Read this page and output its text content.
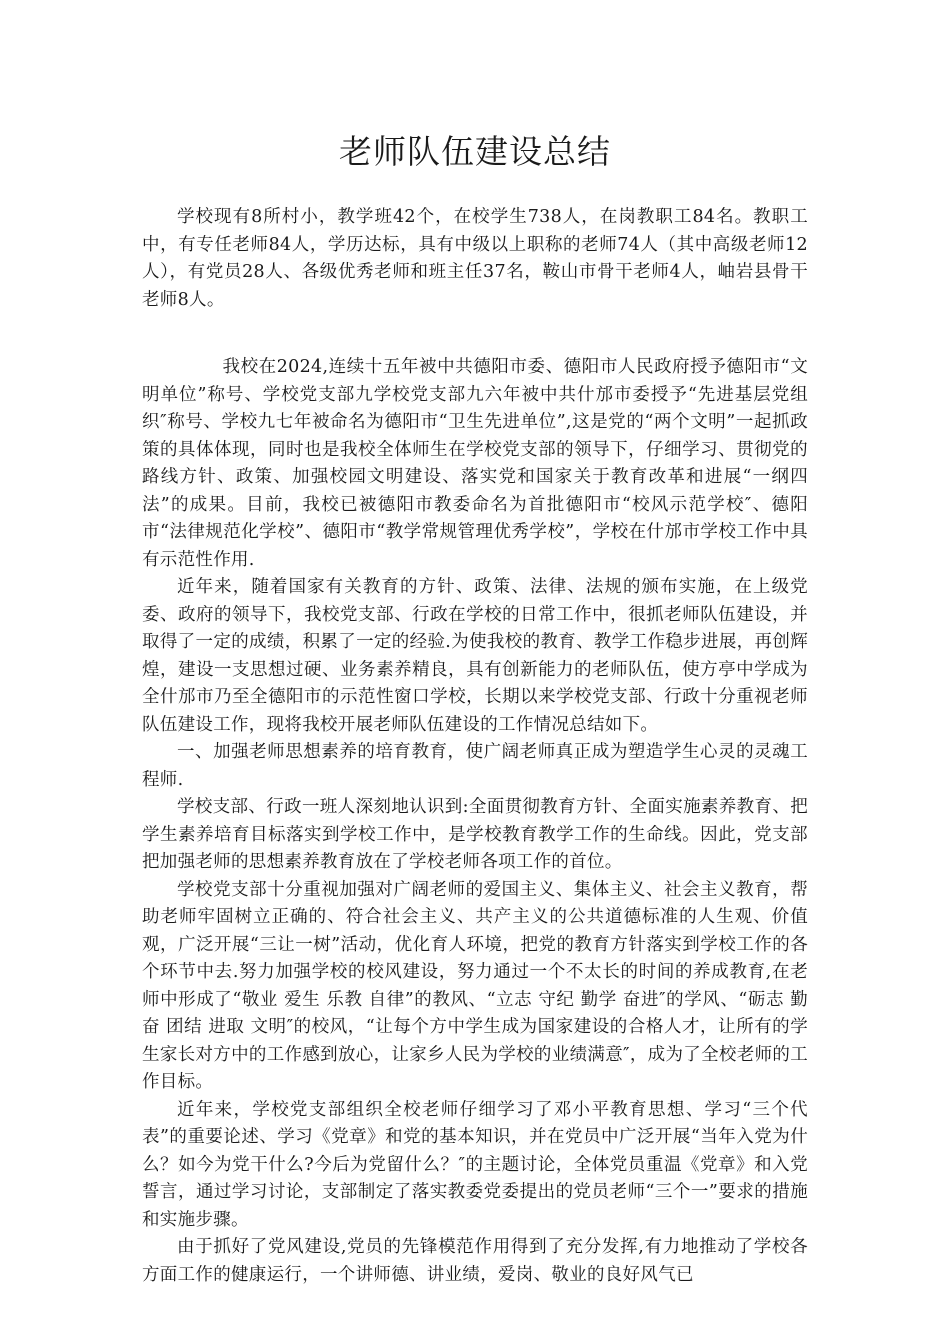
老师队伍建设总结

学校现有8所村小，教学班42个，在校学生738人，在岗教职工84名。教职工中，有专任老师84人，学历达标，具有中级以上职称的老师74人（其中高级老师12人），有党员28人、各级优秀老师和班主任37名，鞍山市骨干老师4人，岫岩县骨干老师8人。

我校在2024,连续十五年被中共德阳市委、德阳市人民政府授予德阳市“文明单位”称号、学校党支部九学校党支部九六年被中共什邡市委授予“先进基层党组织″称号、学校九七年被命名为德阳市“卫生先进单位”,这是党的“两个文明”一起抓政策的具体体现，同时也是我校全体师生在学校党支部的领导下，仔细学习、贯彻党的路线方针、政策、加强校园文明建设、落实党和国家关于教育改革和进展“一纲四法”的成果。目前，我校已被德阳市教委命名为首批德阳市“校风示范学校″、德阳市“法律规范化学校”、德阳市“教学常规管理优秀学校”，学校在什邡市学校工作中具有示范性作用.

近年来，随着国家有关教育的方针、政策、法律、法规的颁布实施，在上级党委、政府的领导下，我校党支部、行政在学校的日常工作中，很抓老师队伍建设，并取得了一定的成绩，积累了一定的经验.为使我校的教育、教学工作稳步进展，再创辉煌，建设一支思想过硬、业务素养精良，具有创新能力的老师队伍，使方亭中学成为全什邡市乃至全德阳市的示范性窗口学校，长期以来学校党支部、行政十分重视老师队伍建设工作，现将我校开展老师队伍建设的工作情况总结如下。

一、加强老师思想素养的培育教育，使广阔老师真正成为塑造学生心灵的灵魂工程师.

学校支部、行政一班人深刻地认识到:全面贯彻教育方针、全面实施素养教育、把学生素养培育目标落实到学校工作中，是学校教育教学工作的生命线。因此，党支部把加强老师的思想素养教育放在了学校老师各项工作的首位。

学校党支部十分重视加强对广阔老师的爱国主义、集体主义、社会主义教育，帮助老师牢固树立正确的、符合社会主义、共产主义的公共道德标准的人生观、价值观，广泛开展“三让一树”活动，优化育人环境，把党的教育方针落实到学校工作的各个环节中去.努力加强学校的校风建设，努力通过一个不太长的时间的养成教育,在老师中形成了“敬业 爱生 乐教 自律”的教风、“立志 守纪 勤学 奋进″的学风、“砺志 勤奋 团结 进取 文明″的校风，“让每个方中学生成为国家建设的合格人才，让所有的学生家长对方中的工作感到放心，让家乡人民为学校的业绩满意″，成为了全校老师的工作目标。

近年来，学校党支部组织全校老师仔细学习了邓小平教育思想、学习“三个代表”的重要论述、学习《党章》和党的基本知识，并在党员中广泛开展“当年入党为什么？如今为党干什么?今后为党留什么？″的主题讨论，全体党员重温《党章》和入党誓言，通过学习讨论，支部制定了落实教委党委提出的党员老师“三个一”要求的措施和实施步骤。

由于抓好了党风建设,党员的先锋模范作用得到了充分发挥,有力地推动了学校各方面工作的健康运行，一个讲师德、讲业绩，爱岗、敬业的良好风气已
